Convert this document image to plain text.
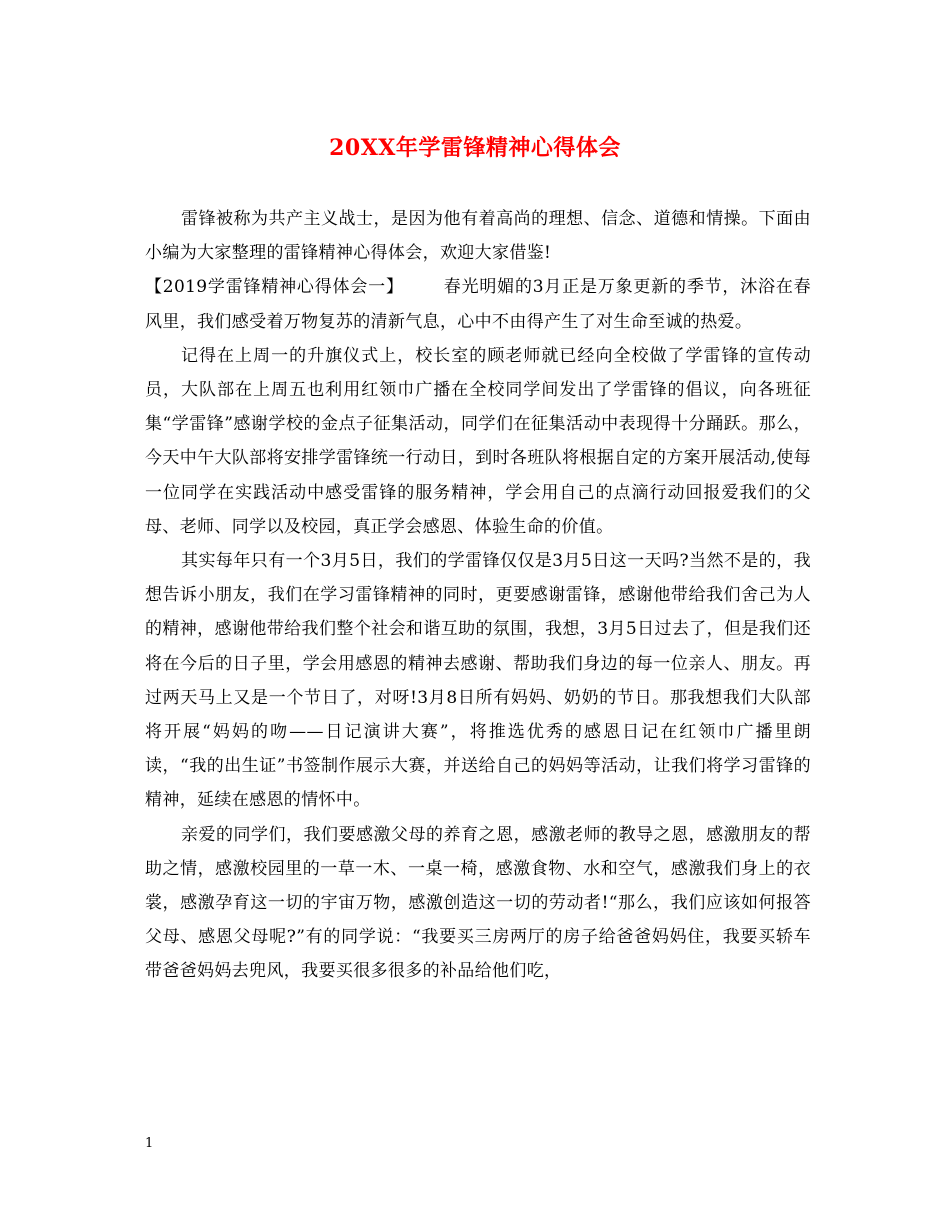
20XX年学雷锋精神心得体会

雷锋被称为共产主义战士，是因为他有着高尚的理想、信念、道德和情操。下面由小编为大家整理的雷锋精神心得体会，欢迎大家借鉴!

【2019学雷锋精神心得体会一】 春光明媚的3月正是万象更新的季节，沐浴在春风里，我们感受着万物复苏的清新气息，心中不由得产生了对生命至诚的热爱。

记得在上周一的升旗仪式上，校长室的顾老师就已经向全校做了学雷锋的宣传动员，大队部在上周五也利用红领巾广播在全校同学间发出了学雷锋的倡议，向各班征集“学雷锋”感谢学校的金点子征集活动，同学们在征集活动中表现得十分踊跃。那么，今天中午大队部将安排学雷锋统一行动日，到时各班队将根据自定的方案开展活动,使每一位同学在实践活动中感受雷锋的服务精神，学会用自己的点滴行动回报爱我们的父母、老师、同学以及校园，真正学会感恩、体验生命的价值。

其实每年只有一个3月5日，我们的学雷锋仅仅是3月5日这一天吗?当然不是的，我想告诉小朋友，我们在学习雷锋精神的同时，更要感谢雷锋，感谢他带给我们舍己为人的精神，感谢他带给我们整个社会和谐互助的氛围，我想，3月5日过去了，但是我们还将在今后的日子里，学会用感恩的精神去感谢、帮助我们身边的每一位亲人、朋友。再过两天马上又是一个节日了，对呀!3月8日所有妈妈、奶奶的节日。那我想我们大队部将开展“妈妈的吻——日记演讲大赛”，将推选优秀的感恩日记在红领巾广播里朗读，“我的出生证”书签制作展示大赛，并送给自己的妈妈等活动，让我们将学习雷锋的精神，延续在感恩的情怀中。

亲爱的同学们，我们要感激父母的养育之恩，感激老师的教导之恩，感激朋友的帮助之情，感激校园里的一草一木、一桌一椅，感激食物、水和空气，感激我们身上的衣裳，感激孕育这一切的宇宙万物，感激创造这一切的劳动者!“那么，我们应该如何报答父母、感恩父母呢?”有的同学说：“我要买三房两厅的房子给爸爸妈妈住，我要买轿车带爸爸妈妈去兜风，我要买很多很多的补品给他们吃，

1
